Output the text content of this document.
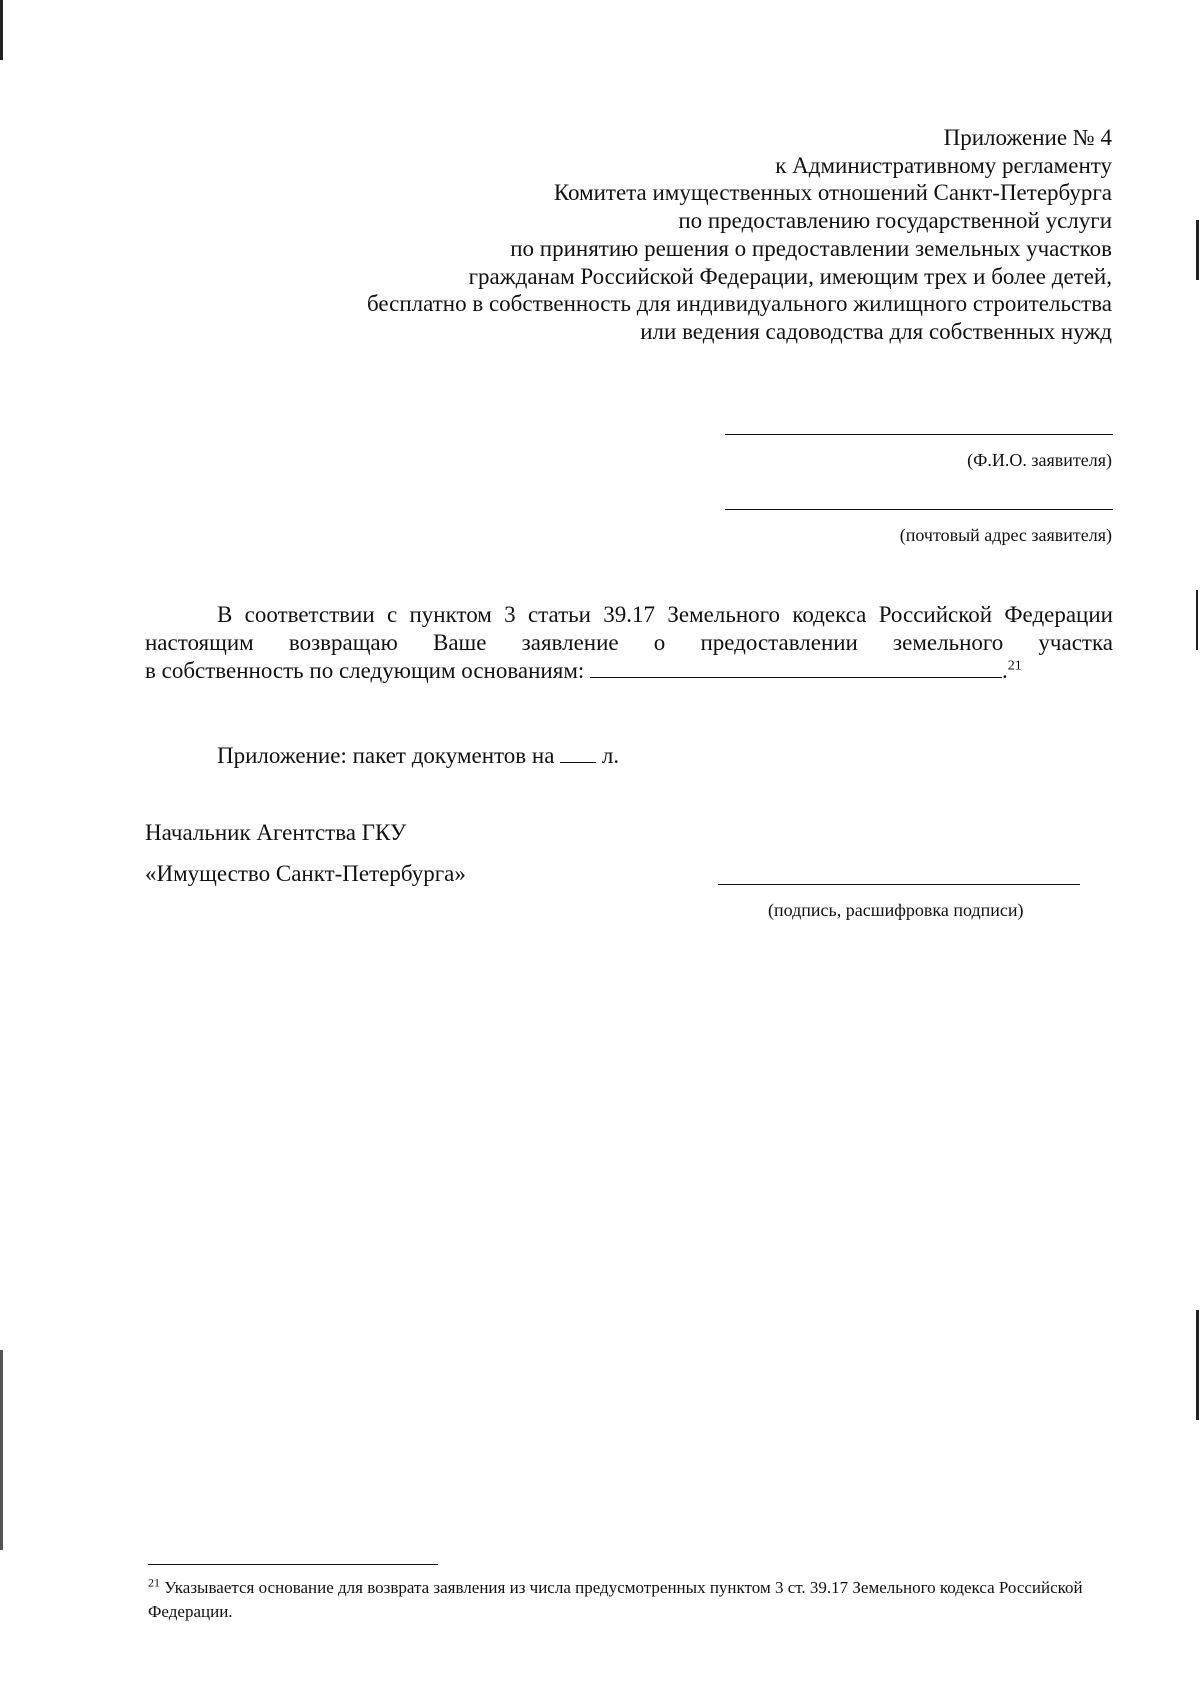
Приложение № 4
к Административному регламенту
Комитета имущественных отношений Санкт-Петербурга
по предоставлению государственной услуги
по принятию решения о предоставлении земельных участков
гражданам Российской Федерации, имеющим трех и более детей,
бесплатно в собственность для индивидуального жилищного строительства
или ведения садоводства для собственных нужд
(Ф.И.О. заявителя)
(почтовый адрес заявителя)
В соответствии с пунктом 3 статьи 39.17 Земельного кодекса Российской Федерации
настоящим возвращаю Ваше заявление о предоставлении земельного участка
в собственность по следующим основаниям:	.$^{21}$
Приложение: пакет документов на л.
Начальник Агентства ГКУ
«Имущество Санкт-Петербурга»
(подпись, расшифровка подписи)
$^{21}$ Указывается основание для возврата заявления из числа предусмотренных пунктом 3 ст. 39.17 Земельного кодекса Российской Федерации.
